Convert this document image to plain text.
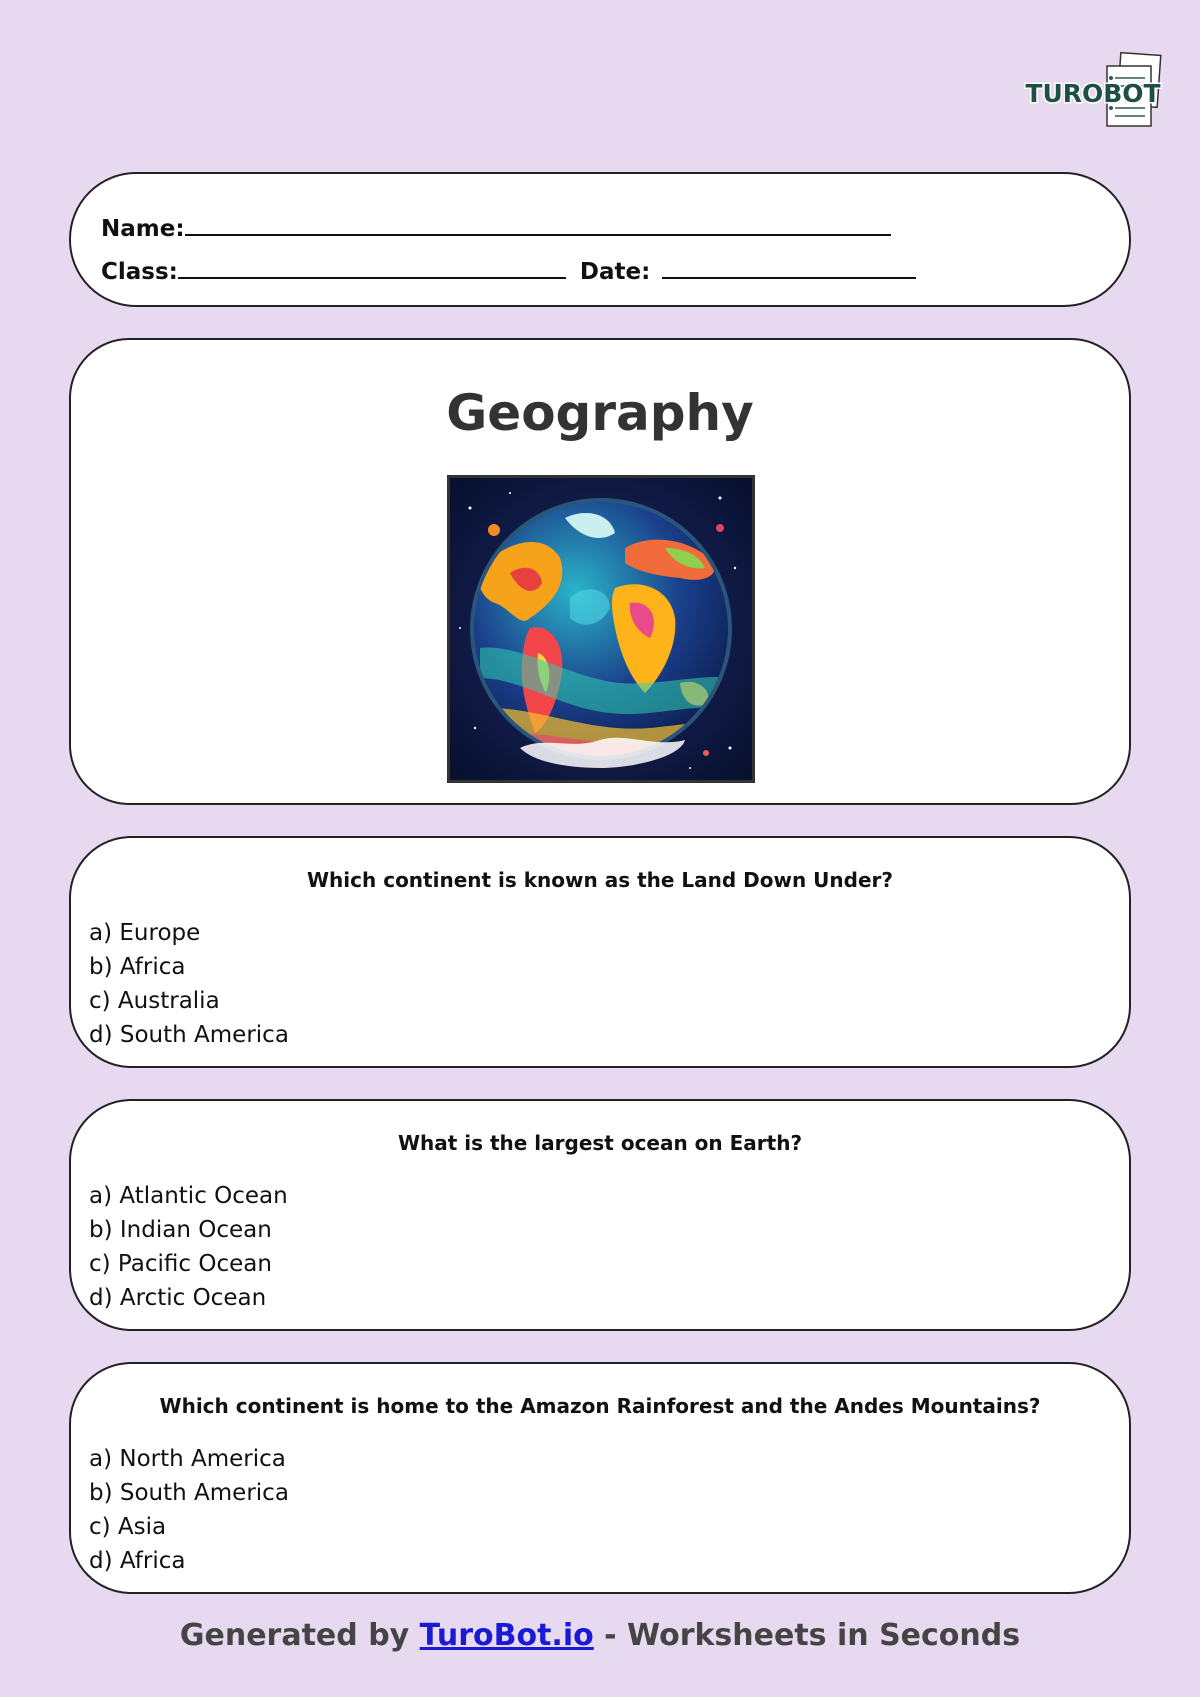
TUROBOT
Name:
Class:	Date:
Geography
Which continent is known as the Land Down Under?
a) Europe
b) Africa
c) Australia
d) South America
What is the largest ocean on Earth?
a) Atlantic Ocean
b) Indian Ocean
c) Pacific Ocean
d) Arctic Ocean
Which continent is home to the Amazon Rainforest and the Andes Mountains?
a) North America
b) South America
c) Asia
d) Africa
Generated by TuroBot.io - Worksheets in Seconds
